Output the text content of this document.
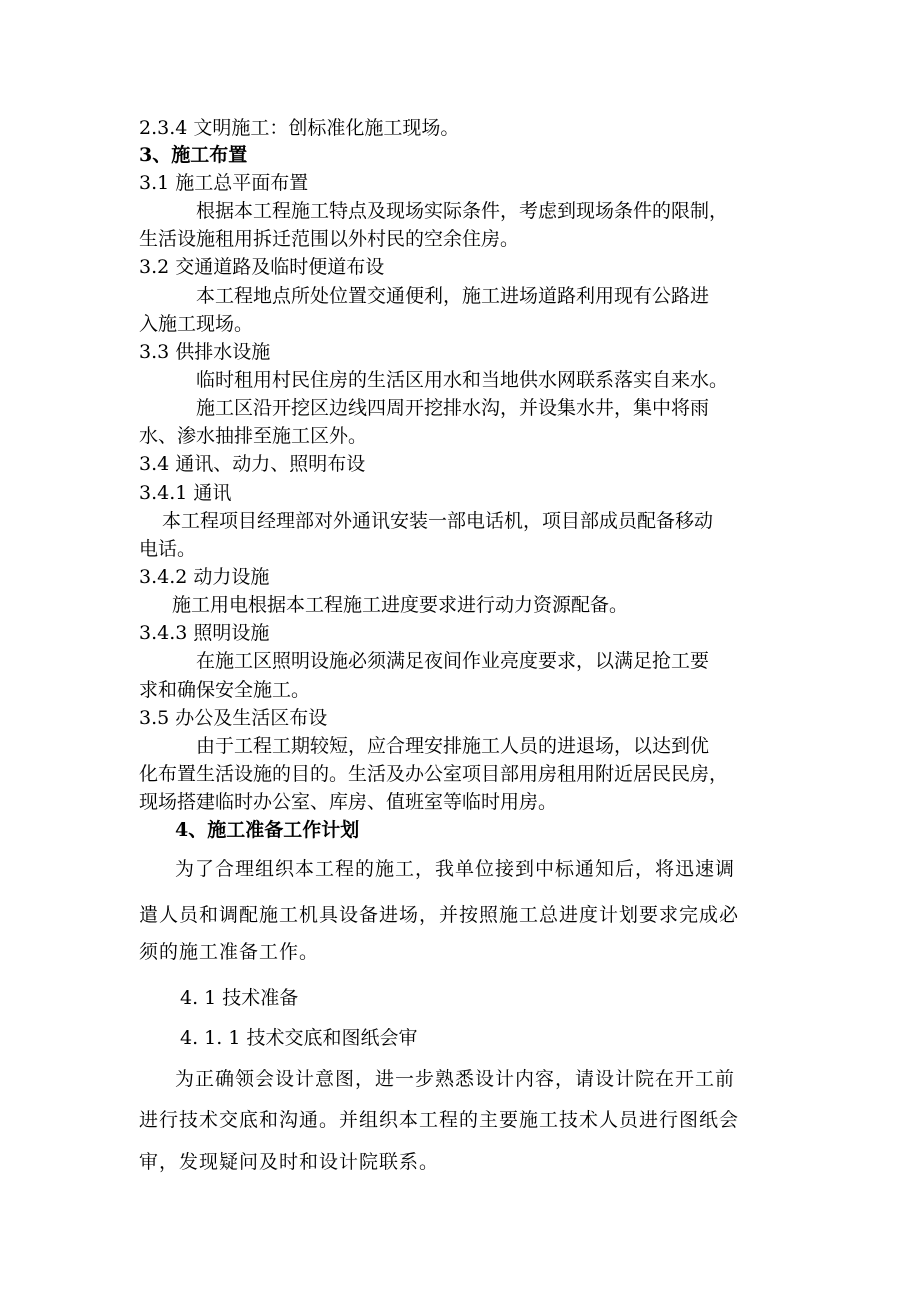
2.3.4 文明施工：创标准化施工现场。

3、施工布置

3.1 施工总平面布置

根据本工程施工特点及现场实际条件，考虑到现场条件的限制，

生活设施租用拆迁范围以外村民的空余住房。

3.2 交通道路及临时便道布设

本工程地点所处位置交通便利，施工进场道路利用现有公路进

入施工现场。

3.3 供排水设施

临时租用村民住房的生活区用水和当地供水网联系落实自来水。

施工区沿开挖区边线四周开挖排水沟，并设集水井，集中将雨

水、渗水抽排至施工区外。

3.4 通讯、动力、照明布设

3.4.1 通讯

本工程项目经理部对外通讯安装一部电话机，项目部成员配备移动

电话。

3.4.2 动力设施

施工用电根据本工程施工进度要求进行动力资源配备。

3.4.3 照明设施

在施工区照明设施必须满足夜间作业亮度要求，以满足抢工要

求和确保安全施工。

3.5 办公及生活区布设

由于工程工期较短，应合理安排施工人员的进退场，以达到优

化布置生活设施的目的。生活及办公室项目部用房租用附近居民民房，

现场搭建临时办公室、库房、值班室等临时用房。

4、施工准备工作计划

为了合理组织本工程的施工，我单位接到中标通知后，将迅速调

遣人员和调配施工机具设备进场，并按照施工总进度计划要求完成必

须的施工准备工作。

4. 1 技术准备

4. 1. 1 技术交底和图纸会审

为正确领会设计意图，进一步熟悉设计内容，请设计院在开工前

进行技术交底和沟通。并组织本工程的主要施工技术人员进行图纸会

审，发现疑问及时和设计院联系。
